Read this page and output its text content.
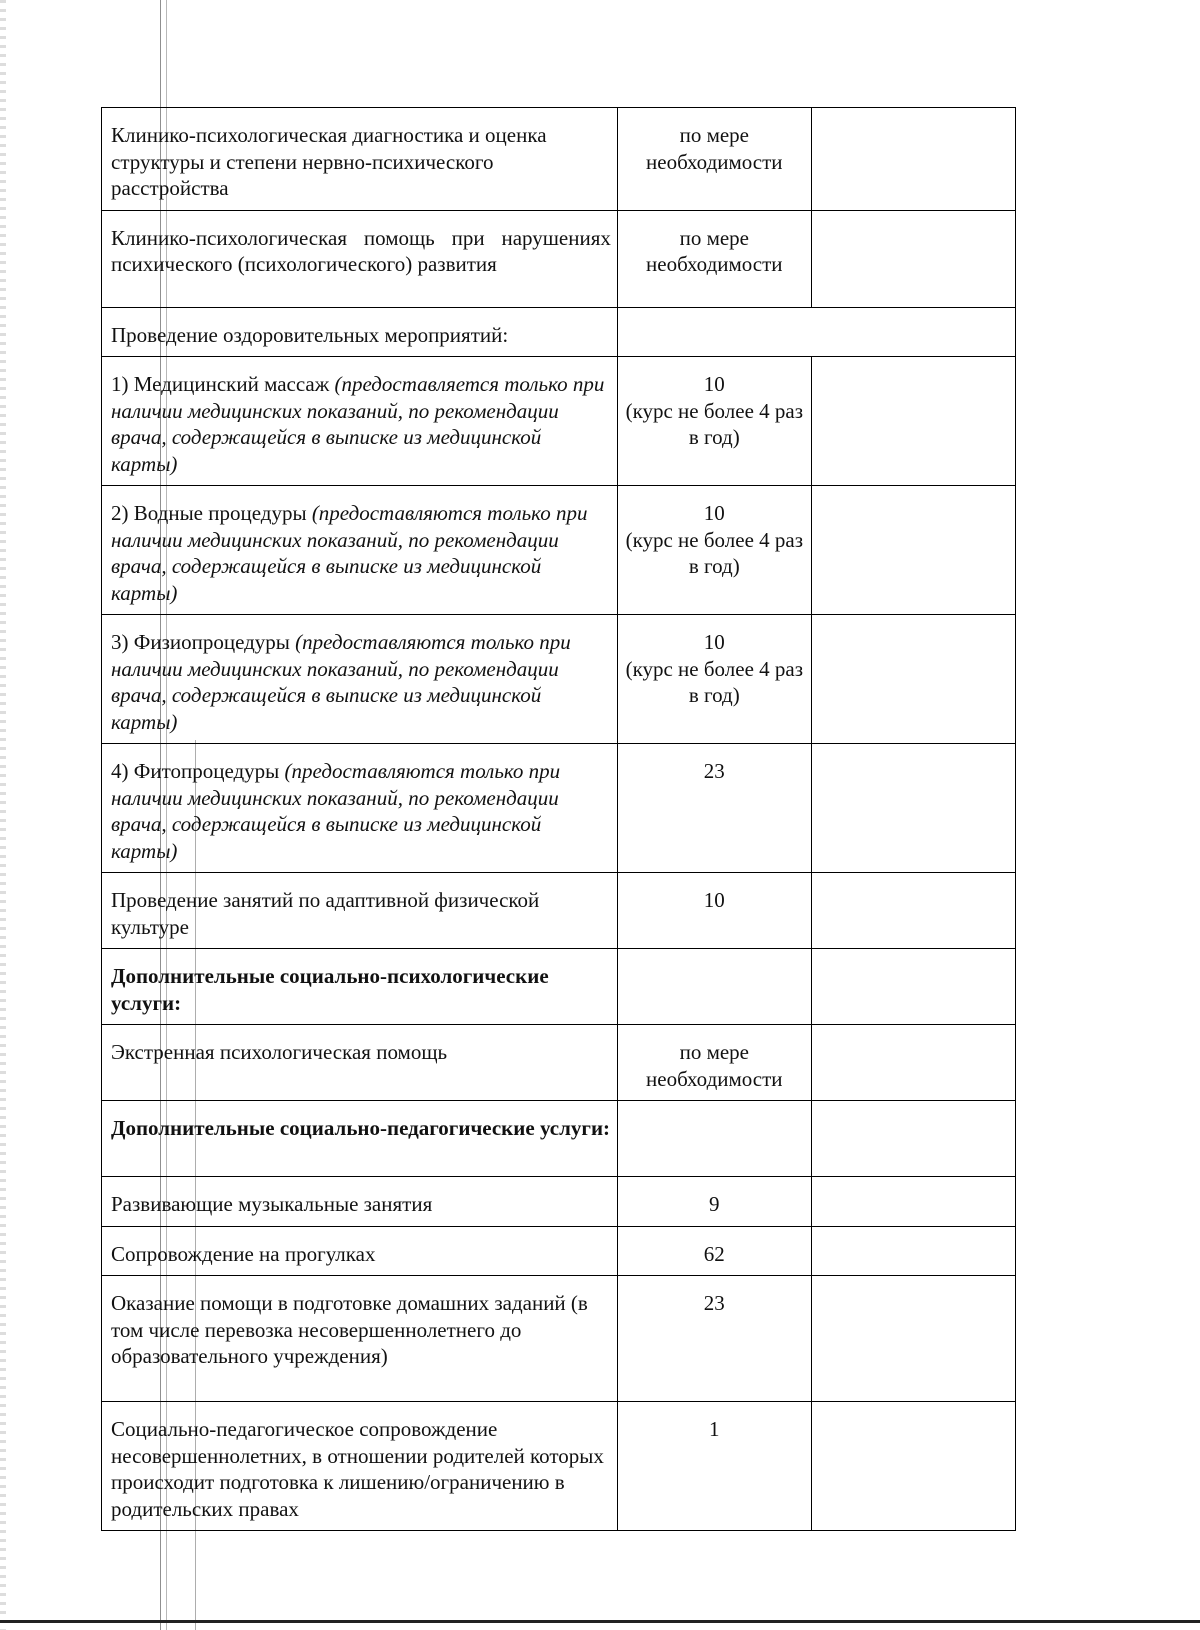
Клинико-психологическая диагностика и оценка структуры и степени нервно-психического расстройства	по мере необходимости	
Клинико-психологическая помощь при нарушениях психического (психологического) развития	по мере необходимости	
Проведение оздоровительных мероприятий:		
1) Медицинский массаж (предоставляется только при наличии медицинских показаний, по рекомендации врача, содержащейся в выписке из медицинской карты)	10
(курс не более 4 раз в год)	

2) Водные процедуры (предоставляются только при наличии медицинских показаний, по рекомендации врача, содержащейся в выписке из медицинской карты)	10
(курс не более 4 раз в год)	

3) Физиопроцедуры (предоставляются только при наличии медицинских показаний, по рекомендации врача, содержащейся в выписке из медицинской карты)	10
(курс не более 4 раз в год)	

4) Фитопроцедуры (предоставляются только при наличии медицинских показаний, по рекомендации врача, содержащейся в выписке из медицинской карты)	23	
Проведение занятий по адаптивной физической культуре	10	
Дополнительные социально-психологические услуги:		
Экстренная психологическая помощь	по мере необходимости	
Дополнительные социально-педагогические услуги:		
Развивающие музыкальные занятия	9	
Сопровождение на прогулках	62	
Оказание помощи в подготовке домашних заданий (в том числе перевозка несовершеннолетнего до образовательного учреждения)	23	
Социально-педагогическое сопровождение несовершеннолетних, в отношении родителей которых происходит подготовка к лишению/ограничению в родительских правах	1	
